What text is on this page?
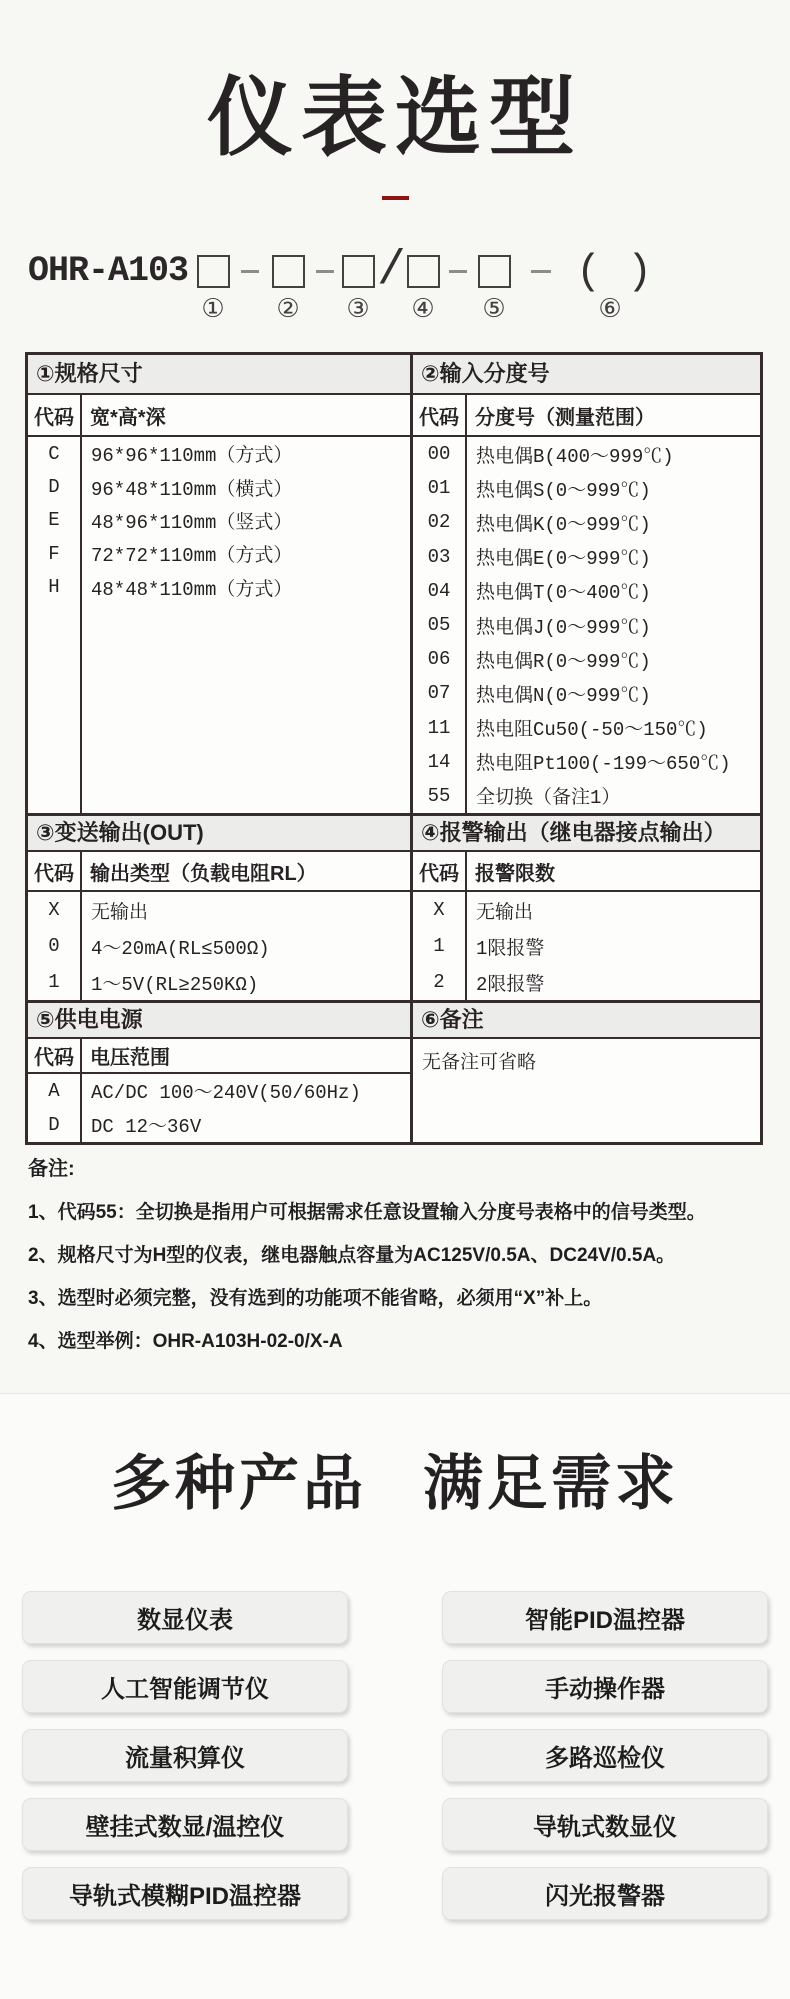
仪表选型
OHR-A103	/	( )
① ② ③ ④ ⑤	⑥
①规格尺寸
代码 宽*高*深
C	96*96*110mm（方式）
D	96*48*110mm（横式）
E	48*96*110mm（竖式）
F	72*72*110mm（方式）
H	48*48*110mm（方式）
②输入分度号
代码 分度号（测量范围）
00	热电偶B(400～999℃)
01	热电偶S(0～999℃)
02	热电偶K(0～999℃)
03	热电偶E(0～999℃)
04	热电偶T(0～400℃)
05	热电偶J(0～999℃)
06	热电偶R(0～999℃)
07	热电偶N(0～999℃)
11	热电阻Cu50(-50～150℃)
14	热电阻Pt100(-199～650℃)
55	全切换（备注1）
③变送输出(OUT)
代码 输出类型（负载电阻RL）
X	无输出
0	4～20mA(RL≤500Ω)
1	1～5V(RL≥250KΩ)
④报警输出（继电器接点输出）
代码 报警限数
X	无输出
1	1限报警
2	2限报警
⑤供电电源
代码 电压范围
A	AC/DC 100～240V(50/60Hz)
D	DC 12～36V
⑥备注
无备注可省略
备注:
1、代码55：全切换是指用户可根据需求任意设置输入分度号表格中的信号类型。
2、规格尺寸为H型的仪表，继电器触点容量为AC125V/0.5A、DC24V/0.5A。
3、选型时必须完整，没有选到的功能项不能省略，必须用“X”补上。
4、选型举例：OHR-A103H-02-0/X-A
多种产品 满足需求
数显仪表
人工智能调节仪
流量积算仪
壁挂式数显/温控仪
导轨式模糊PID温控器
智能PID温控器
手动操作器
多路巡检仪
导轨式数显仪
闪光报警器
